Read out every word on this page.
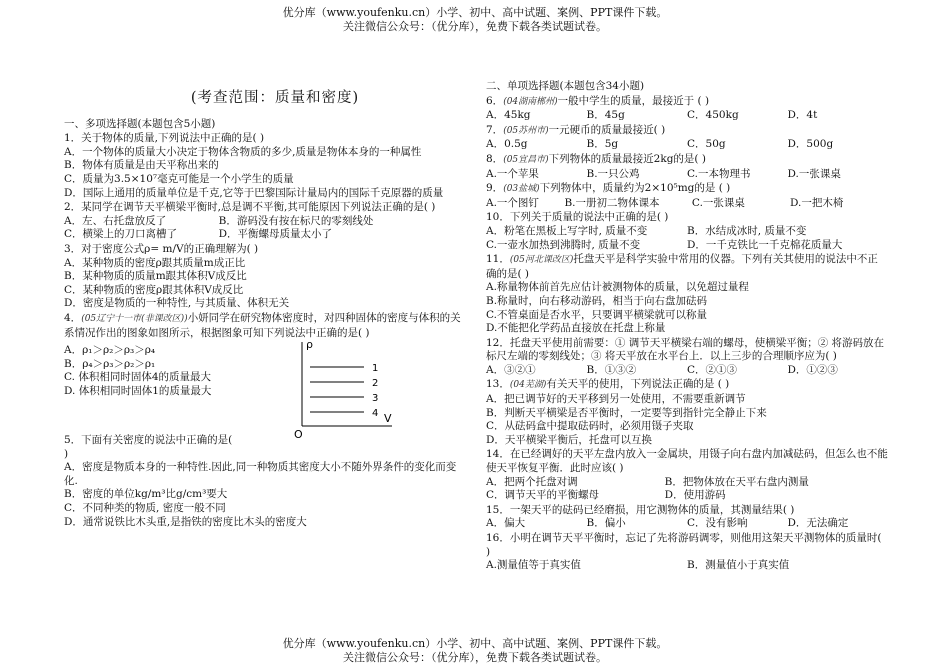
优分库（www.youfenku.cn）小学、初中、高中试题、案例、PPT课件下载。
关注微信公众号：（优分库），免费下载各类试题试卷。
(考查范围：质量和密度)
一、多项选择题(本题包含5小题)
1．关于物体的质量,下列说法中正确的是( )
A．一个物体的质量大小决定于物体含物质的多少,质量是物体本身的一种属性
B．物体有质量是由天平称出来的
C．质量为3.5×10⁷毫克可能是一个小学生的质量
D．国际上通用的质量单位是千克,它等于巴黎国际计量局内的国际千克原器的质量
2．某同学在调节天平横梁平衡时,总是调不平衡,其可能原因下列说法正确的是( )
A．左、右托盘放反了	B．游码没有按在标尺的零刻线处
C．横梁上的刀口离槽了	D．平衡螺母质量太小了
3．对于密度公式ρ= m/V的正确理解为( )
A．某种物质的密度ρ跟其质量m成正比
B．某种物质的质量m跟其体积V成反比
C．某种物质的密度ρ跟其体积V成反比
D．密度是物质的一种特性, 与其质量、体积无关
4．(05辽宁十一市(非课改区))小妍同学在研究物体密度时，对四种固体的密度与体积的关系情况作出的图象如图所示，根据图象可知下列说法中正确的是( )
A．ρ₁＞ρ₂＞ρ₃＞ρ₄
B．ρ₄＞ρ₃＞ρ₂＞ρ₁
C. 体积相同时固体4的质量最大
D. 体积相同时固体1的质量最大
ρ
V
O
1
2
3
4
5．下面有关密度的说法中正确的是(
)
A．密度是物质本身的一种特性.因此,同一种物质其密度大小不随外界条件的变化而变化.
B．密度的单位kg/m³比g/cm³要大
C．不同种类的物质, 密度一般不同
D．通常说铁比木头重,是指铁的密度比木头的密度大
二、单项选择题(本题包含34小题)
6．(04湖南郴州)一般中学生的质量，最接近于 ( )
A．45kg	B．45g	C．450kg	D．4t
7．(05苏州市)一元硬币的质量最接近( )
A．0.5g	B．5g	C．50g	D．500g
8．(05宜昌市)下列物体的质量最接近2kg的是( )
A.一个苹果	B.一只公鸡	C.一本物理书	D.一张课桌
9．(03盐城)下列物体中，质量约为2×10⁵mg的是 ( )
A.一个图钉	B.一册初二物体课本	C.一张课桌	D.一把木椅
10．下列关于质量的说法中正确的是( )
A．粉笔在黑板上写字时, 质量不变	B．水结成冰时, 质量不变
C.一壶水加热到沸腾时, 质量不变	D．一千克铁比一千克棉花质量大
11．(05河北课改区)托盘天平是科学实验中常用的仪器。下列有关其使用的说法中不正确的是( )
A.称量物体前首先应估计被测物体的质量，以免超过量程
B.称量时，向右移动游码，相当于向右盘加砝码
C.不管桌面是否水平，只要调平横梁就可以称量
D.不能把化学药品直接放在托盘上称量
12．托盘天平使用前需要：① 调节天平横梁右端的螺母，使横梁平衡；② 将游码放在标尺左端的零刻线处；③ 将天平放在水平台上．以上三步的合理顺序应为( )
A．③②①	B．①③②	C．②①③	D．①②③
13．(04芜湖)有关天平的使用，下列说法正确的是 ( )
A．把已调节好的天平移到另一处使用，不需要重新调节
B．判断天平横梁是否平衡时，一定要等到指针完全静止下来
C．从砝码盒中提取砝码时，必须用镊子夹取
D．天平横梁平衡后，托盘可以互换
14．在已经调好的天平左盘内放入一金属块，用镊子向右盘内加减砝码，但怎么也不能使天平恢复平衡．此时应该( )
A．把两个托盘对调	B．把物体放在天平右盘内测量
C．调节天平的平衡螺母	D．使用游码
15．一架天平的砝码已经磨损，用它测物体的质量，其测量结果( )
A．偏大	B．偏小	C．没有影响	D．无法确定
16．小明在调节天平平衡时，忘记了先将游码调零，则他用这架天平测物体的质量时( )
A.测量值等于真实值	B．测量值小于真实值
优分库（www.youfenku.cn）小学、初中、高中试题、案例、PPT课件下载。
关注微信公众号：（优分库），免费下载各类试题试卷。
